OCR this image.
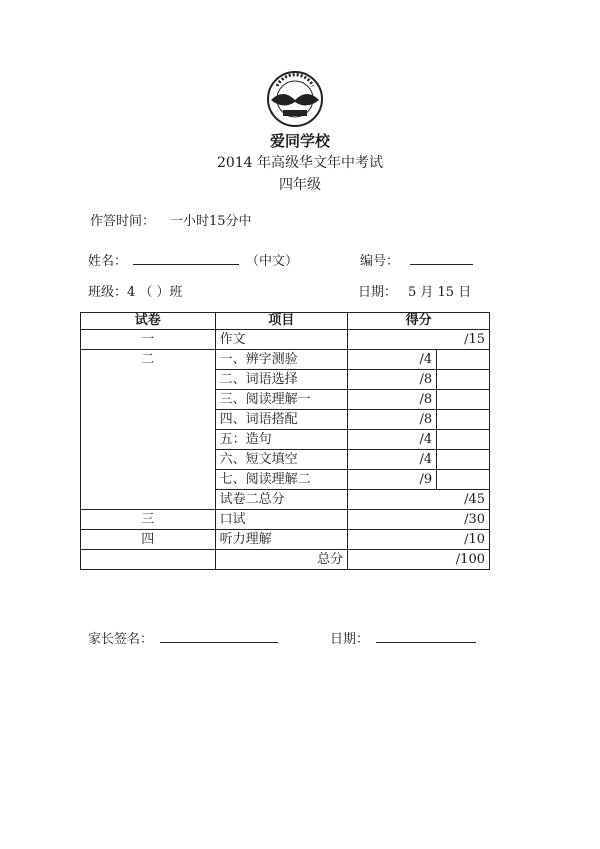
爱同学校
2014 年高级华文年中考试
四年级
作答时间： 一小时15分中
姓名：	（中文）	编号：
班级：4 （ ）班	日期： 5 月 15 日
试卷	项目	得分
一	作文	/15
二	一、辨字测验	/4
	二、词语选择	/8
	三、阅读理解一	/8
	四、词语搭配	/8
	五：造句	/4
	六、短文填空	/4
	七、阅读理解二	/9
	试卷二总分	/45
三	口试	/30
四	听力理解	/10
	总分	/100
家长签名：	日期：
